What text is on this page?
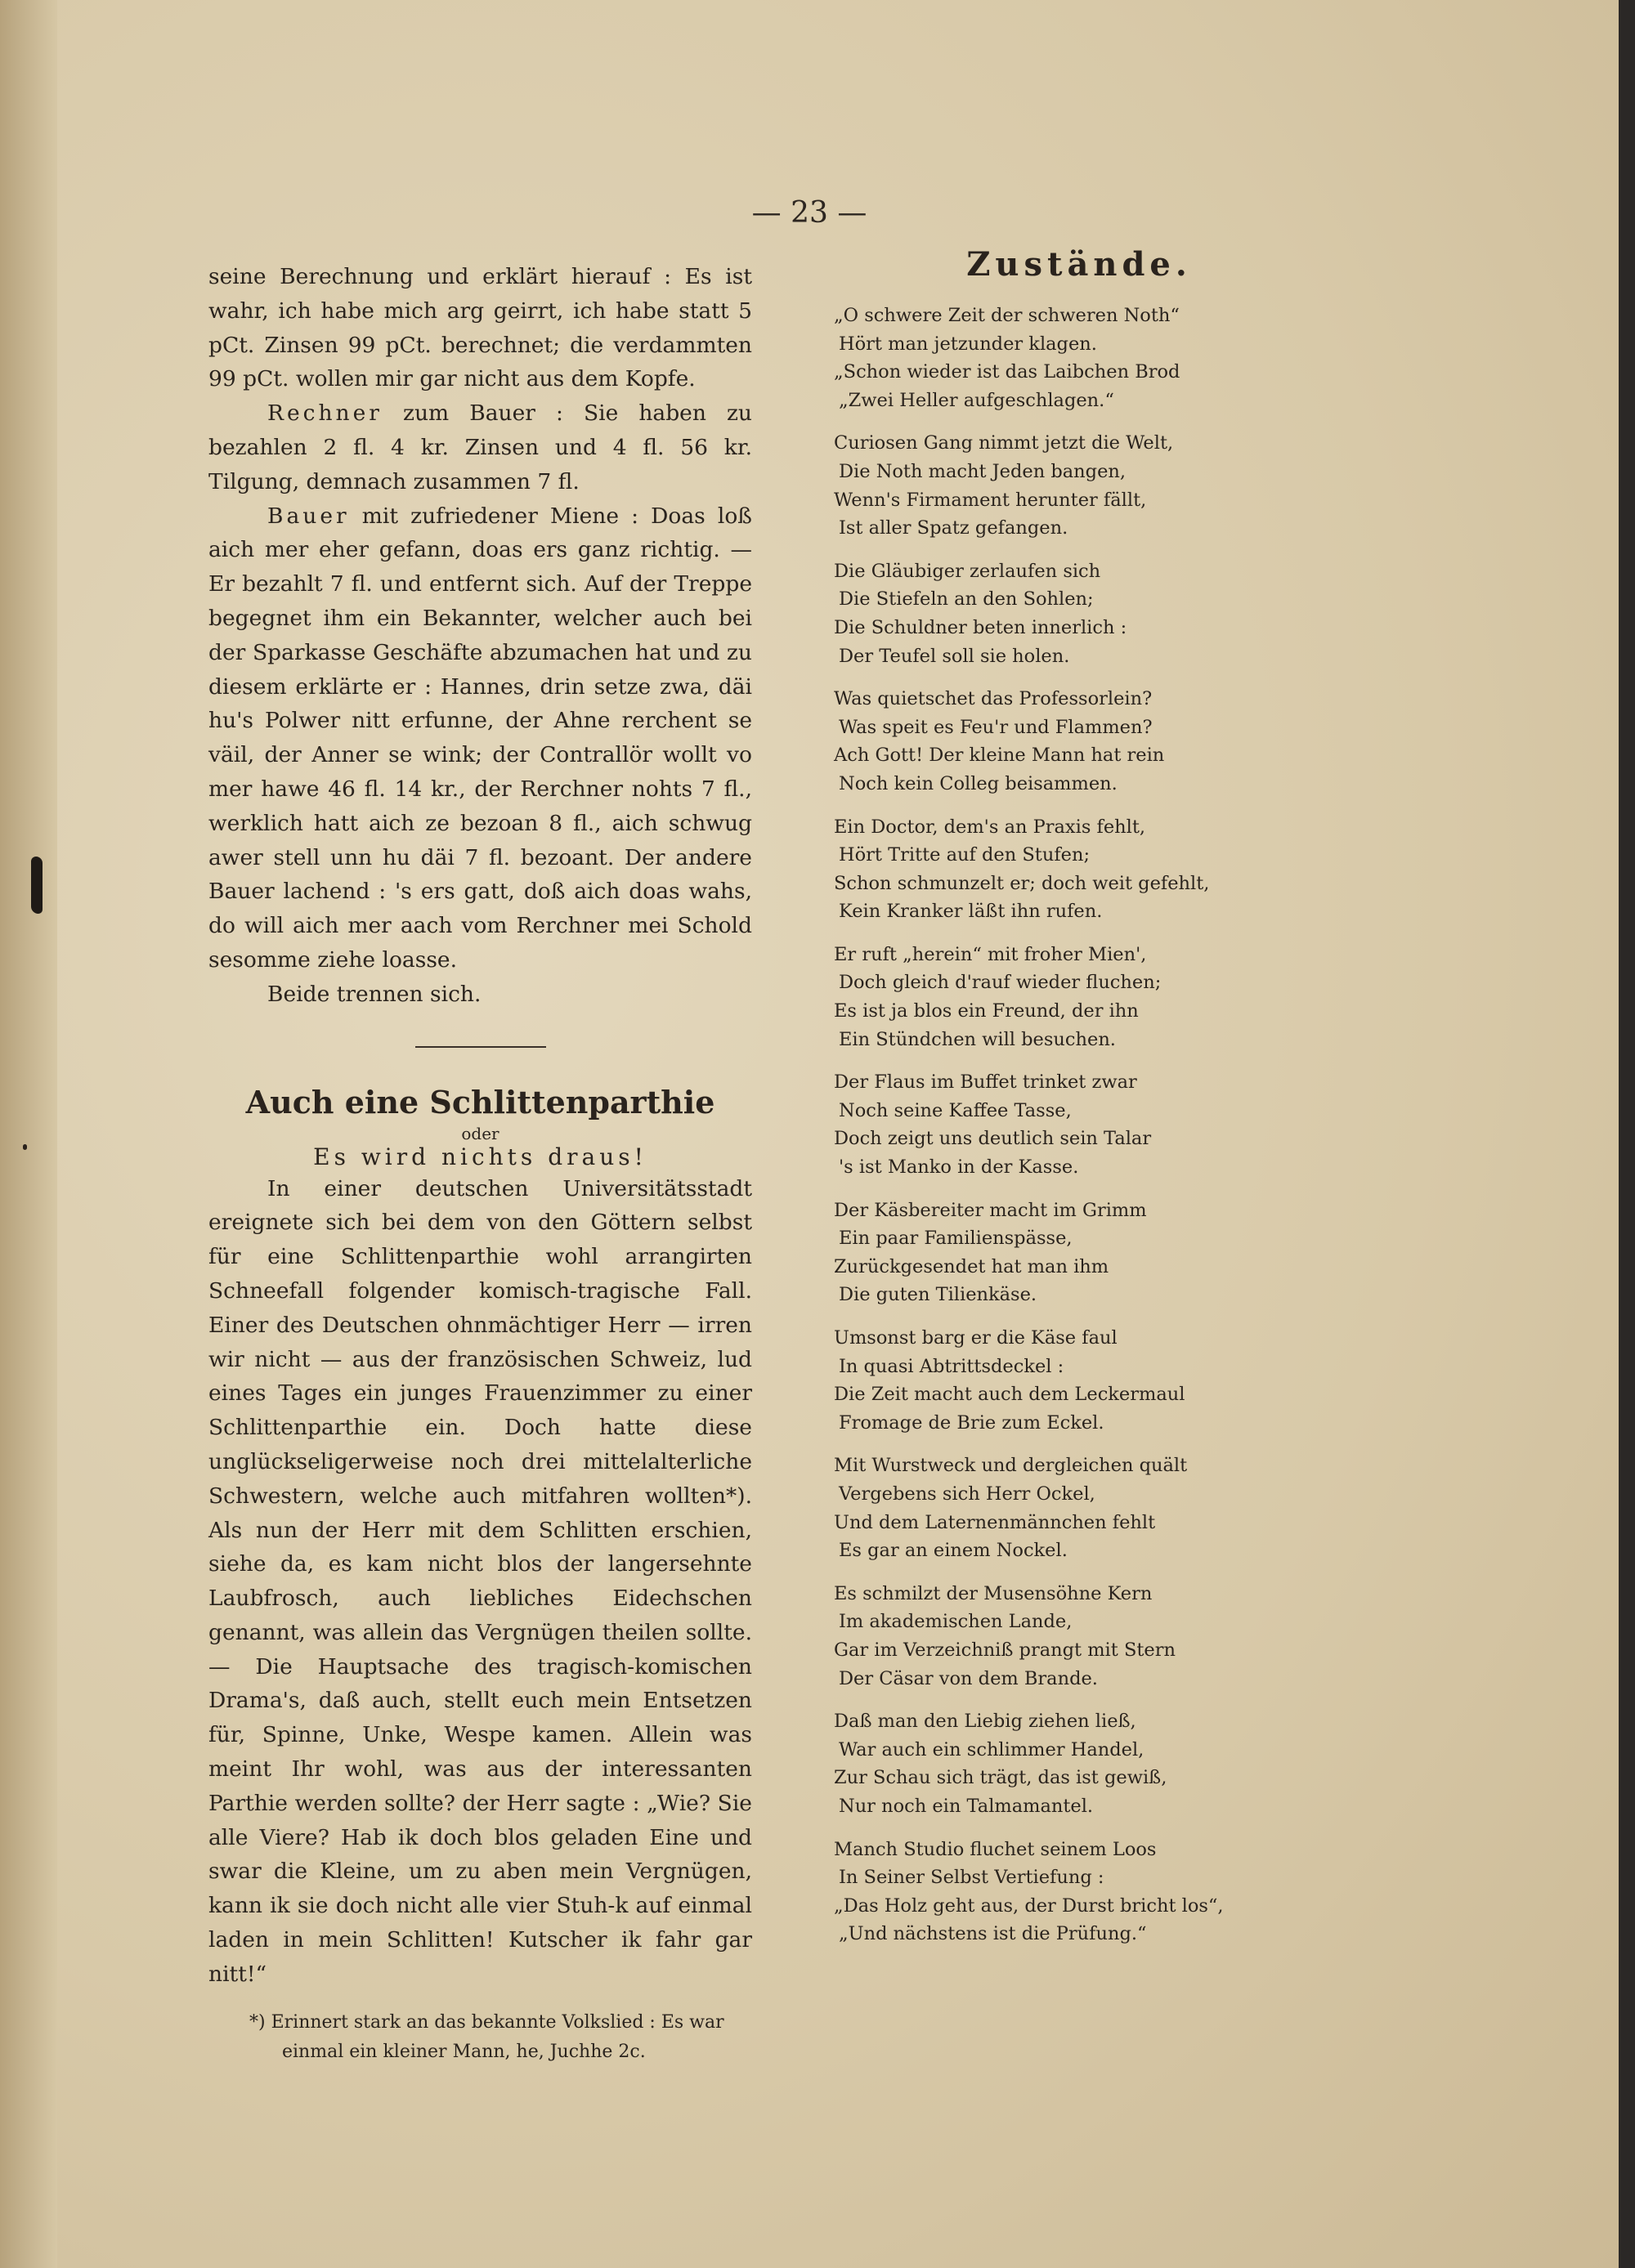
— 23 —

seine Berechnung und erklärt hierauf : Es ist wahr, ich habe mich arg geirrt, ich habe statt 5 pCt. Zinsen 99 pCt. berechnet; die verdammten 99 pCt. wollen mir gar nicht aus dem Kopfe.

Rechner zum Bauer : Sie haben zu bezahlen 2 fl. 4 kr. Zinsen und 4 fl. 56 kr. Tilgung, demnach zusammen 7 fl.

Bauer mit zufriedener Miene : Doas loß aich mer eher gefann, doas ers ganz richtig. — Er bezahlt 7 fl. und entfernt sich. Auf der Treppe begegnet ihm ein Bekannter, welcher auch bei der Sparkasse Geschäfte abzumachen hat und zu diesem erklärte er : Hannes, drin setze zwa, däi hu's Polwer nitt erfunne, der Ahne rerchent se väil, der Anner se wink; der Contrallör wollt vo mer hawe 46 fl. 14 kr., der Rerchner nohts 7 fl., werklich hatt aich ze bezoan 8 fl., aich schwug awer stell unn hu däi 7 fl. bezoant. Der andere Bauer lachend : 's ers gatt, doß aich doas wahs, do will aich mer aach vom Rerchner mei Schold sesomme ziehe loasse.

Beide trennen sich.

Auch eine Schlittenparthie
oder
Es wird nichts draus!

In einer deutschen Universitätsstadt ereignete sich bei dem von den Göttern selbst für eine Schlittenparthie wohl arrangirten Schneefall folgender komisch-tragische Fall. Einer des Deutschen ohnmächtiger Herr — irren wir nicht — aus der französischen Schweiz, lud eines Tages ein junges Frauenzimmer zu einer Schlittenparthie ein. Doch hatte diese unglückseligerweise noch drei mittelalterliche Schwestern, welche auch mitfahren wollten*). Als nun der Herr mit dem Schlitten erschien, siehe da, es kam nicht blos der langersehnte Laubfrosch, auch liebliches Eidechschen genannt, was allein das Vergnügen theilen sollte. — Die Hauptsache des tragisch-komischen Drama's, daß auch, stellt euch mein Entsetzen für, Spinne, Unke, Wespe kamen. Allein was meint Ihr wohl, was aus der interessanten Parthie werden sollte? der Herr sagte : „Wie? Sie alle Viere? Hab ik doch blos geladen Eine und swar die Kleine, um zu aben mein Vergnügen, kann ik sie doch nicht alle vier Stuh-k auf einmal laden in mein Schlitten! Kutscher ik fahr gar nitt!“

*) Erinnert stark an das bekannte Volkslied : Es war
einmal ein kleiner Mann, he, Juchhe 2c.
Zustände.
„O schwere Zeit der schweren Noth“
Hört man jetzunder klagen.
„Schon wieder ist das Laibchen Brod
„Zwei Heller aufgeschlagen.“
Curiosen Gang nimmt jetzt die Welt,
Die Noth macht Jeden bangen,
Wenn's Firmament herunter fällt,
Ist aller Spatz gefangen.
Die Gläubiger zerlaufen sich
Die Stiefeln an den Sohlen;
Die Schuldner beten innerlich :
Der Teufel soll sie holen.
Was quietschet das Professorlein?
Was speit es Feu'r und Flammen?
Ach Gott! Der kleine Mann hat rein
Noch kein Colleg beisammen.
Ein Doctor, dem's an Praxis fehlt,
Hört Tritte auf den Stufen;
Schon schmunzelt er; doch weit gefehlt,
Kein Kranker läßt ihn rufen.
Er ruft „herein“ mit froher Mien',
Doch gleich d'rauf wieder fluchen;
Es ist ja blos ein Freund, der ihn
Ein Stündchen will besuchen.
Der Flaus im Buffet trinket zwar
Noch seine Kaffee Tasse,
Doch zeigt uns deutlich sein Talar
's ist Manko in der Kasse.
Der Käsbereiter macht im Grimm
Ein paar Familienspässe,
Zurückgesendet hat man ihm
Die guten Tilienkäse.
Umsonst barg er die Käse faul
In quasi Abtrittsdeckel :
Die Zeit macht auch dem Leckermaul
Fromage de Brie zum Eckel.
Mit Wurstweck und dergleichen quält
Vergebens sich Herr Ockel,
Und dem Laternenmännchen fehlt
Es gar an einem Nockel.
Es schmilzt der Musensöhne Kern
Im akademischen Lande,
Gar im Verzeichniß prangt mit Stern
Der Cäsar von dem Brande.
Daß man den Liebig ziehen ließ,
War auch ein schlimmer Handel,
Zur Schau sich trägt, das ist gewiß,
Nur noch ein Talmamantel.
Manch Studio fluchet seinem Loos
In Seiner Selbst Vertiefung :
„Das Holz geht aus, der Durst bricht los“,
„Und nächstens ist die Prüfung.“
